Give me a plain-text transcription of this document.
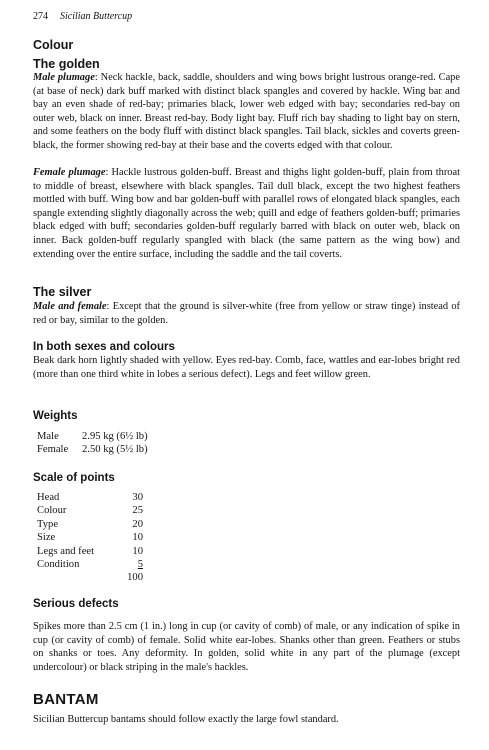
274 Sicilian Buttercup
Colour
The golden

Male plumage: Neck hackle, back, saddle, shoulders and wing bows bright lustrous orange-red. Cape (at base of neck) dark buff marked with distinct black spangles and covered by hackle. Wing bar and bay an even shade of red-bay; primaries black, lower web edged with bay; secondaries red-bay on outer web, black on inner. Breast red-bay. Body light bay. Fluff rich bay shading to light bay on stern, and some feathers on the body fluff with distinct black spangles. Tail black, sickles and coverts green-black, the former showing red-bay at their base and the coverts edged with that colour.

Female plumage: Hackle lustrous golden-buff. Breast and thighs light golden-buff, plain from throat to middle of breast, elsewhere with black spangles. Tail dull black, except the two highest feathers mottled with buff. Wing bow and bar golden-buff with parallel rows of elongated black spangles, each spangle extending slightly diagonally across the web; quill and edge of feathers golden-buff; primaries black edged with buff; secondaries golden-buff regularly barred with black on outer web, black on inner. Back golden-buff regularly spangled with black (the same pattern as the wing bow) and extending over the entire surface, including the saddle and the tail coverts.

The silver

Male and female: Except that the ground is silver-white (free from yellow or straw tinge) instead of red or bay, similar to the golden.

In both sexes and colours

Beak dark horn lightly shaded with yellow. Eyes red-bay. Comb, face, wattles and ear-lobes bright red (more than one third white in lobes a serious defect). Legs and feet willow green.

Weights
Male	2.95 kg (6½ lb)
Female	2.50 kg (5½ lb)
Scale of points
Head	30
Colour	25
Type	20
Size	10
Legs and feet	10
Condition	5
100
Serious defects

Spikes more than 2.5 cm (1 in.) long in cup (or cavity of comb) of male, or any indication of spike in cup (or cavity of comb) of female. Solid white ear-lobes. Shanks other than green. Feathers or stubs on shanks or toes. Any deformity. In golden, solid white in any part of the plumage (except undercolour) or black striping in the male's hackles.

BANTAM

Sicilian Buttercup bantams should follow exactly the large fowl standard.
